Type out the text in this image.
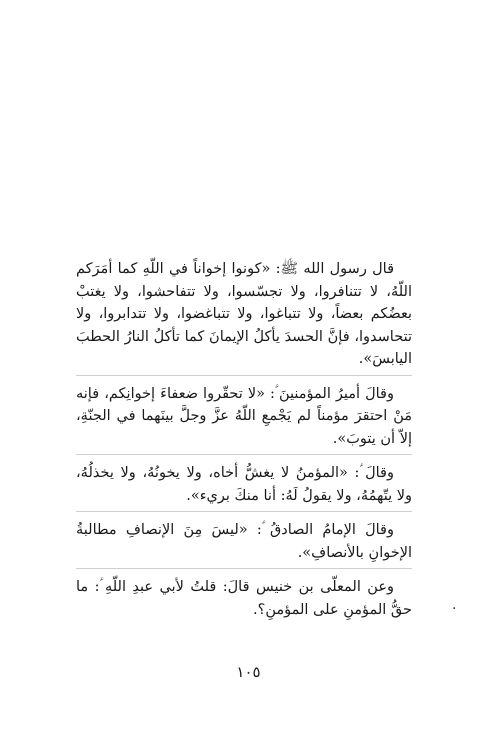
قال رسول الله ﷺ: «كونوا إخواناً في اللّهِ كما أمَرَكم اللّهُ، لا تتنافروا، ولا تجسّسوا، ولا تتفاحشوا، ولا يغتبْ بعضُكم بعضاً، ولا تتباغوا، ولا تتباغضوا، ولا تتدابروا، ولا تتحاسدوا، فإنَّ الحسدَ يأكلُ الإيمانَ كما تأكلُ النارُ الحطبَ اليابسَ».

وقالَ أميرُ المؤمنينَ ؑ: «لا تحقّروا ضعفاءَ إخوانِكم، فإنه مَنْ احتقرَ مؤمناً لم يَجْمعِ اللّهُ عزَّ وجلَّ بينَهما في الجنّةِ، إلاّ أن يتوبَ».

وقالَ ؑ: «المؤمنُ لا يغشُّ أخاه، ولا يخونُهُ، ولا يخذلُهُ، ولا يتّهمُهُ، ولا يقولُ لَهُ: أنا منكَ بريء».

وقالَ الإمامُ الصادقُ ؑ: «ليسَ مِنَ الإنصافِ مطالبةُ الإخوانِ بالأنصافِ».

وعن المعلّى بن خنيس قالَ: قلتُ لأبي عبدِ اللّهِ ؑ: ما حقُّ المؤمنِ على المؤمنِ؟.	.
١٠٥
